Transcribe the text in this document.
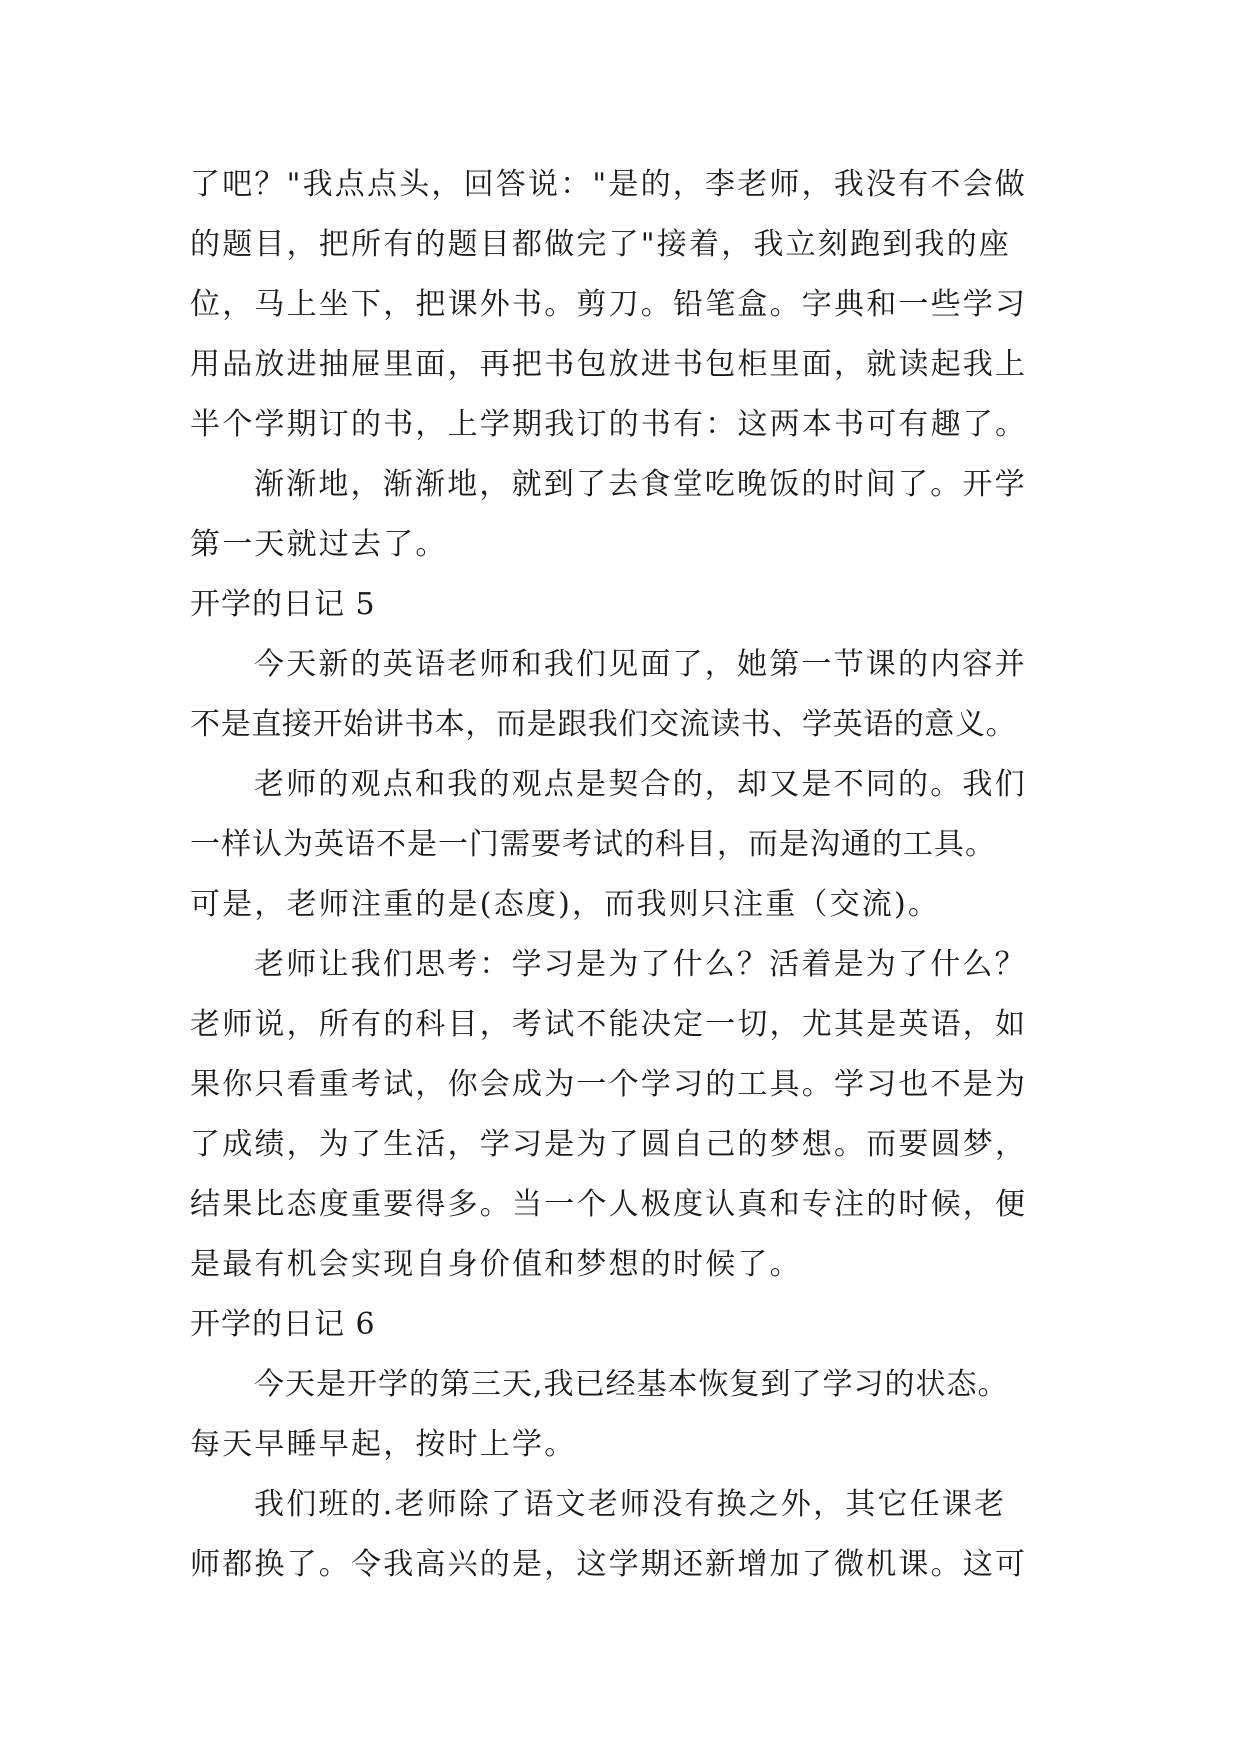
了吧？"我点点头，回答说："是的，李老师，我没有不会做
的题目，把所有的题目都做完了"接着，我立刻跑到我的座
位，马上坐下，把课外书。剪刀。铅笔盒。字典和一些学习
用品放进抽屉里面，再把书包放进书包柜里面，就读起我上
半个学期订的书，上学期我订的书有：这两本书可有趣了。
渐渐地，渐渐地，就到了去食堂吃晚饭的时间了。开学
第一天就过去了。
开学的日记 5
今天新的英语老师和我们见面了，她第一节课的内容并
不是直接开始讲书本，而是跟我们交流读书、学英语的意义。
老师的观点和我的观点是契合的，却又是不同的。我们
一样认为英语不是一门需要考试的科目，而是沟通的工具。
可是，老师注重的是(态度)，而我则只注重（交流)。
老师让我们思考：学习是为了什么？活着是为了什么？
老师说，所有的科目，考试不能决定一切，尤其是英语，如
果你只看重考试，你会成为一个学习的工具。学习也不是为
了成绩，为了生活，学习是为了圆自己的梦想。而要圆梦，
结果比态度重要得多。当一个人极度认真和专注的时候，便
是最有机会实现自身价值和梦想的时候了。
开学的日记 6
今天是开学的第三天,我已经基本恢复到了学习的状态。
每天早睡早起，按时上学。
我们班的.老师除了语文老师没有换之外，其它任课老
师都换了。令我高兴的是，这学期还新增加了微机课。这可
